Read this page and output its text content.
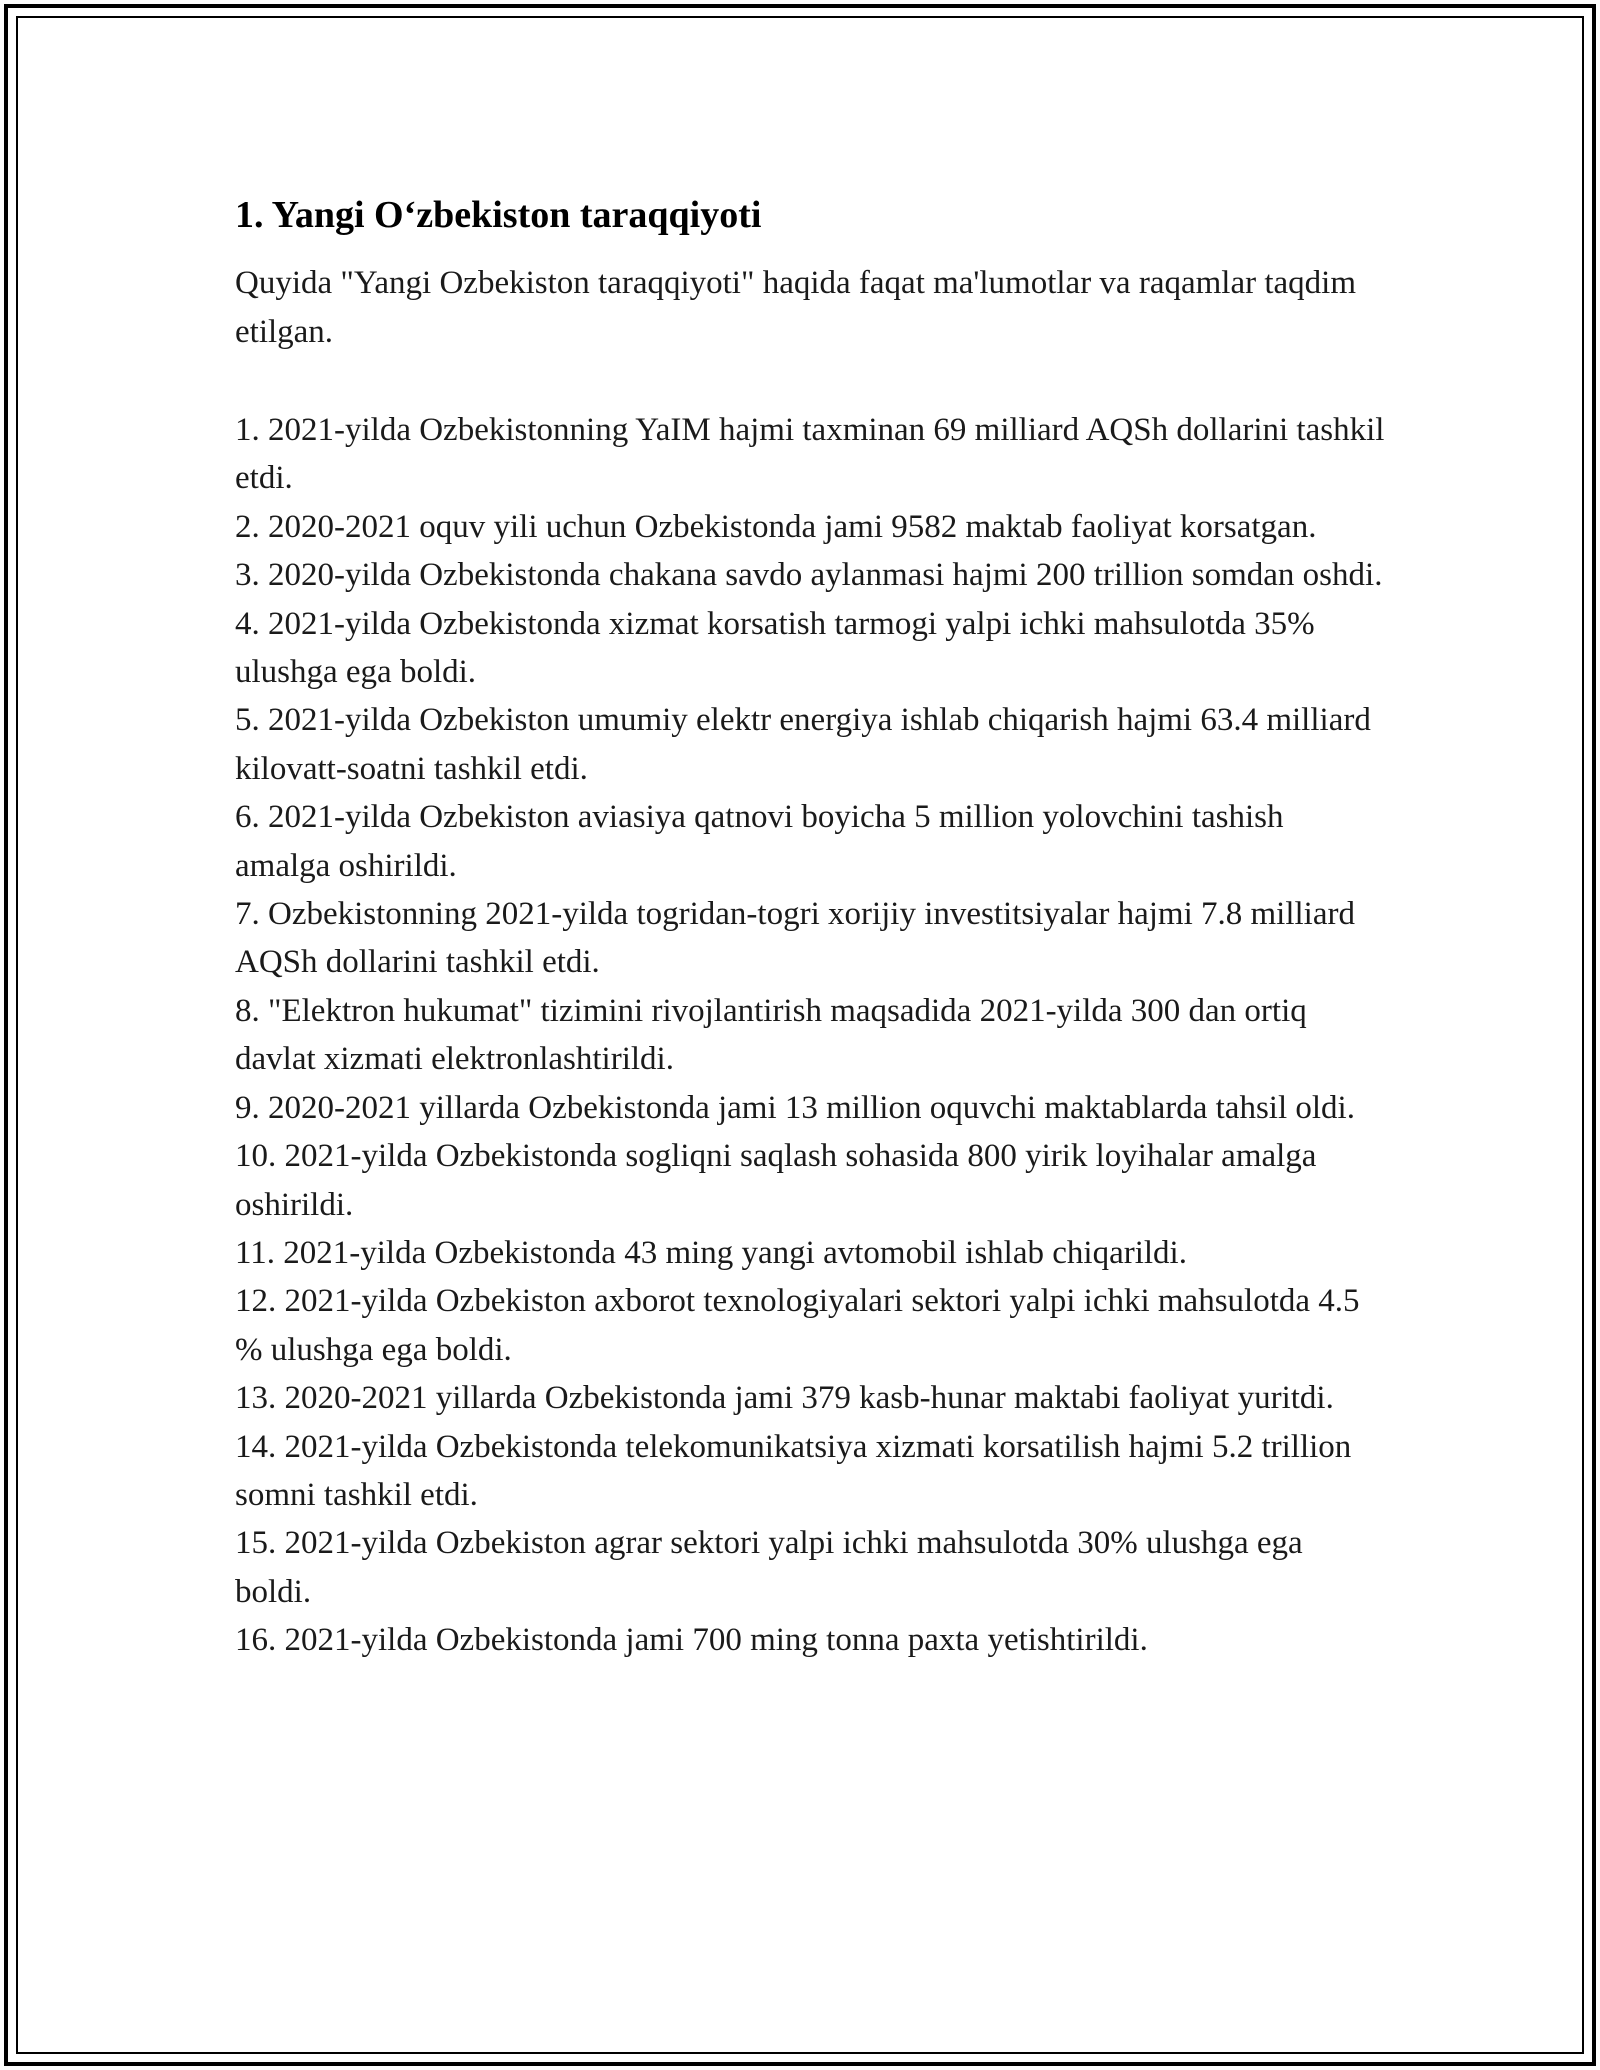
1. Yangi O‘zbekiston taraqqiyoti

Quyida "Yangi Ozbekiston taraqqiyoti" haqida faqat ma'lumotlar va raqamlar taqdim etilgan.

1. 2021-yilda Ozbekistonning YaIM hajmi taxminan 69 milliard AQSh dollarini tashkil etdi.
2. 2020-2021 oquv yili uchun Ozbekistonda jami 9582 maktab faoliyat korsatgan.
3. 2020-yilda Ozbekistonda chakana savdo aylanmasi hajmi 200 trillion somdan oshdi.
4. 2021-yilda Ozbekistonda xizmat korsatish tarmogi yalpi ichki mahsulotda 35% ulushga ega boldi.
5. 2021-yilda Ozbekiston umumiy elektr energiya ishlab chiqarish hajmi 63.4 milliard kilovatt-soatni tashkil etdi.
6. 2021-yilda Ozbekiston aviasiya qatnovi boyicha 5 million yolovchini tashish amalga oshirildi.
7. Ozbekistonning 2021-yilda togridan-togri xorijiy investitsiyalar hajmi 7.8 milliard AQSh dollarini tashkil etdi.
8. "Elektron hukumat" tizimini rivojlantirish maqsadida 2021-yilda 300 dan ortiq davlat xizmati elektronlashtirildi.
9. 2020-2021 yillarda Ozbekistonda jami 13 million oquvchi maktablarda tahsil oldi.
10. 2021-yilda Ozbekistonda sogliqni saqlash sohasida 800 yirik loyihalar amalga oshirildi.
11. 2021-yilda Ozbekistonda 43 ming yangi avtomobil ishlab chiqarildi.
12. 2021-yilda Ozbekiston axborot texnologiyalari sektori yalpi ichki mahsulotda 4.5 % ulushga ega boldi.
13. 2020-2021 yillarda Ozbekistonda jami 379 kasb-hunar maktabi faoliyat yuritdi.
14. 2021-yilda Ozbekistonda telekomunikatsiya xizmati korsatilish hajmi 5.2 trillion somni tashkil etdi.
15. 2021-yilda Ozbekiston agrar sektori yalpi ichki mahsulotda 30% ulushga ega boldi.
16. 2021-yilda Ozbekistonda jami 700 ming tonna paxta yetishtirildi.
